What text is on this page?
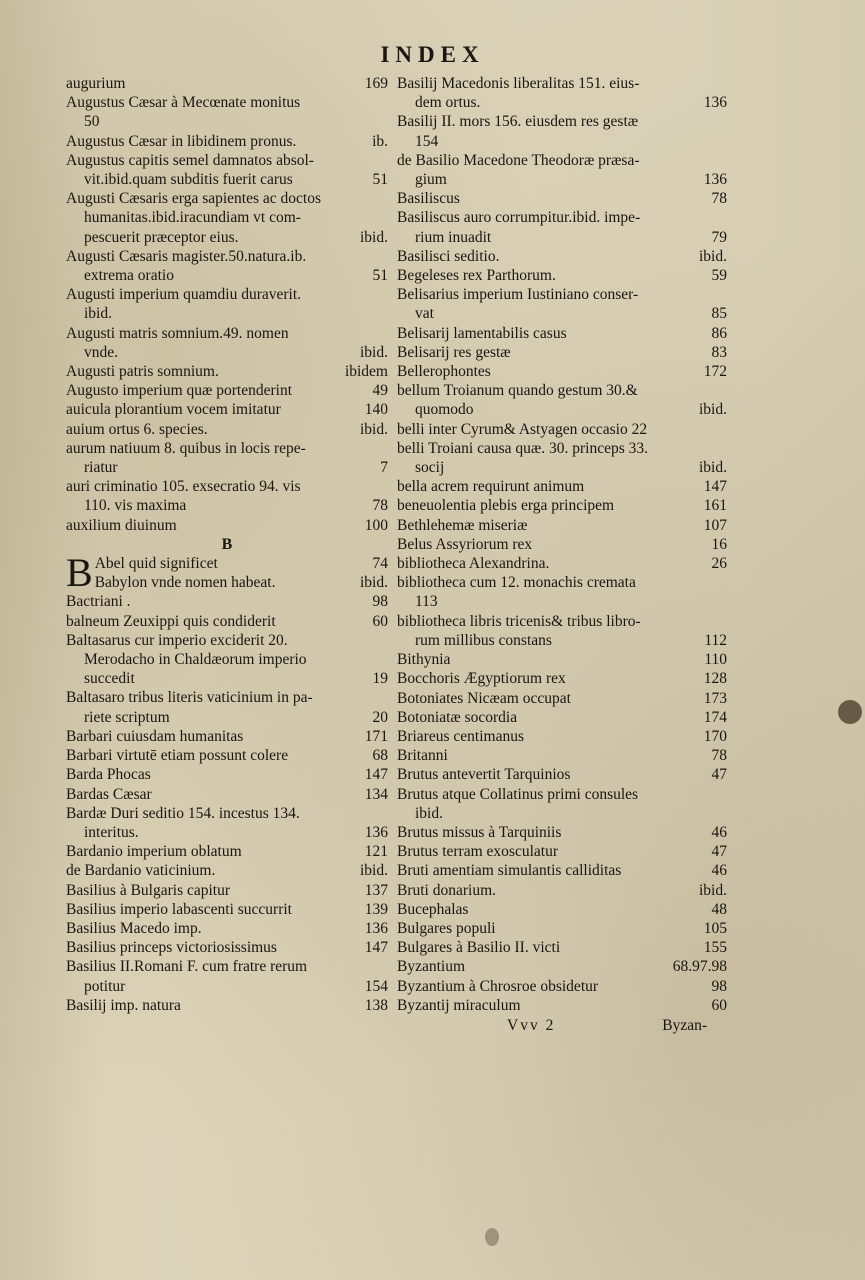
INDEX
169
augurium
Augustus Cæsar à Mecœnate monitus
50
ib.
Augustus Cæsar in libidinem pronus.
Augustus capitis semel damnatos absol-
51
vit.ibid.quam subditis fuerit carus
Augusti Cæsaris erga sapientes ac doctos
humanitas.ibid.iracundiam vt com-
ibid.
pescuerit præceptor eius.
Augusti Cæsaris magister.50.natura.ib.
51
extrema oratio
Augusti imperium quamdiu duraverit.
ibid.
Augusti matris somnium.49. nomen
ibid.
vnde.
ibidem
Augusti patris somnium.
49
Augusto imperium quæ portenderint
140
auicula plorantium vocem imitatur
ibid.
auium ortus 6. species.
aurum natiuum 8. quibus in locis repe-
7
riatur
auri criminatio 105. exsecratio 94. vis
78
110. vis maxima
100
auxilium diuinum
B
B	74
Abel quid significet
ibid.
Babylon vnde nomen habeat.
98
Bactriani .
60
balneum Zeuxippi quis condiderit
Baltasarus cur imperio exciderit 20.
Merodacho in Chaldæorum imperio
19
succedit
Baltasaro tribus literis vaticinium in pa-
20
riete scriptum
171
Barbari cuiusdam humanitas
68
Barbari virtutē etiam possunt colere
147
Barda Phocas
134
Bardas Cæsar
Bardæ Duri seditio 154. incestus 134.
136
interitus.
121
Bardanio imperium oblatum
ibid.
de Bardanio vaticinium.
137
Basilius à Bulgaris capitur
139
Basilius imperio labascenti succurrit
136
Basilius Macedo imp.
147
Basilius princeps victoriosissimus
Basilius II.Romani F. cum fratre rerum
154
potitur
138
Basilij imp. natura
Basilij Macedonis liberalitas 151. eius-
136
dem ortus.
Basilij II. mors 156. eiusdem res gestæ
154
de Basilio Macedone Theodoræ præsa-
136
gium
78
Basiliscus
Basiliscus auro corrumpitur.ibid. impe-
79
rium inuadit
ibid.
Basilisci seditio.
59
Begeleses rex Parthorum.
Belisarius imperium Iustiniano conser-
85
vat
86
Belisarij lamentabilis casus
83
Belisarij res gestæ
172
Bellerophontes
bellum Troianum quando gestum 30.&
ibid.
quomodo
belli inter Cyrum& Astyagen occasio 22
belli Troiani causa quæ. 30. princeps 33.
ibid.
socij
147
bella acrem requirunt animum
161
beneuolentia plebis erga principem
107
Bethlehemæ miseriæ
16
Belus Assyriorum rex
26
bibliotheca Alexandrina.
bibliotheca cum 12. monachis cremata
113
bibliotheca libris tricenis& tribus libro-
112
rum millibus constans
110
Bithynia
128
Bocchoris Ægyptiorum rex
173
Botoniates Nicæam occupat
174
Botoniatæ socordia
170
Briareus centimanus
78
Britanni
47
Brutus antevertit Tarquinios
Brutus atque Collatinus primi consules
ibid.
46
Brutus missus à Tarquiniis
47
Brutus terram exosculatur
46
Bruti amentiam simulantis calliditas
ibid.
Bruti donarium.
48
Bucephalas
105
Bulgares populi
155
Bulgares à Basilio II. victi
68.97.98
Byzantium
98
Byzantium à Chrosroe obsidetur
60
Byzantij miraculum
Vvv 2	Byzan-
